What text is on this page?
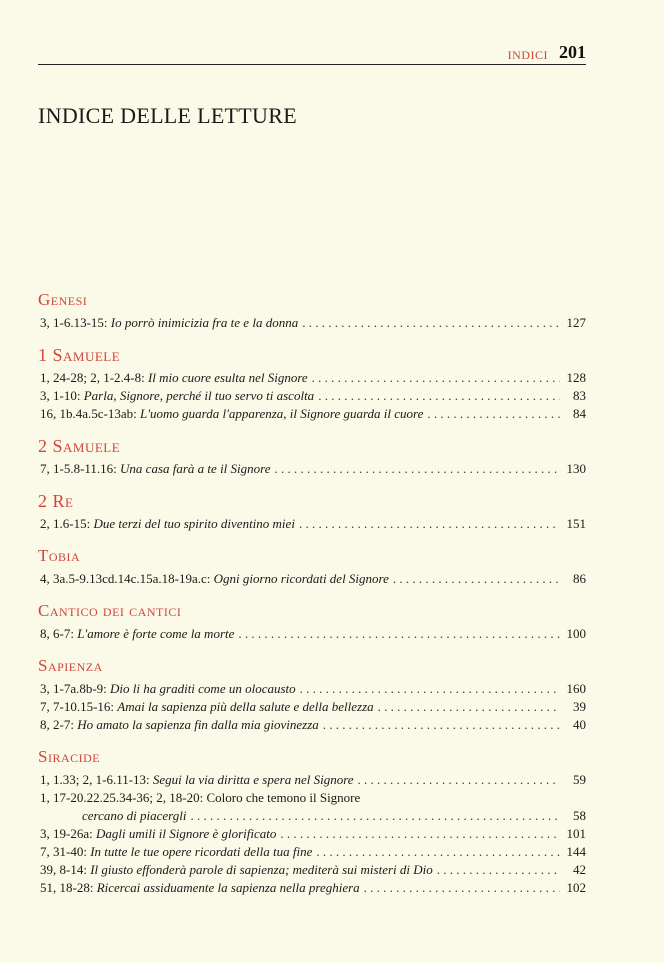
INDICI 201
INDICE DELLE LETTURE
Genesi
3, 1-6.13-15:
Io porrò inimicizia fra te e la donna . . .	127
1 Samuele
1, 24-28; 2, 1-2.4-8:
Il mio cuore esulta nel Signore . . .	128
3, 1-10:
Parla, Signore, perché il tuo servo ti ascolta . . .	83
16, 1b.4a.5c-13ab:
L'uomo guarda l'apparenza, il Signore guarda il cuore . . .	84
2 Samuele
7, 1-5.8-11.16:
Una casa farà a te il Signore . . .	130
2 Re
2, 1.6-15:
Due terzi del tuo spirito diventino miei . . .	151
Tobia
4, 3a.5-9.13cd.14c.15a.18-19a.c:
Ogni giorno ricordati del Signore . . .	86
Cantico dei cantici
8, 6-7:
L'amore è forte come la morte . . .	100
Sapienza
3, 1-7a.8b-9:
Dio li ha graditi come un olocausto . . .	160
7, 7-10.15-16:
Amai la sapienza più della salute e della bellezza . . .	39
8, 2-7:
Ho amato la sapienza fin dalla mia giovinezza . . .	40
Siracide
1, 1.33; 2, 1-6.11-13:
Segui la via diritta e spera nel Signore . . .	59
1, 17-20.22.25.34-36; 2, 18-20:
Coloro che temono il Signore
cercano di piacergli . . .	58
3, 19-26a:
Dagli umili il Signore è glorificato . . .	101
7, 31-40:
In tutte le tue opere ricordati della tua fine . . .	144
39, 8-14:
Il giusto effonderà parole di sapienza; mediterà sui misteri di Dio . . .	42
51, 18-28:
Ricercai assiduamente la sapienza nella preghiera . . .	102
